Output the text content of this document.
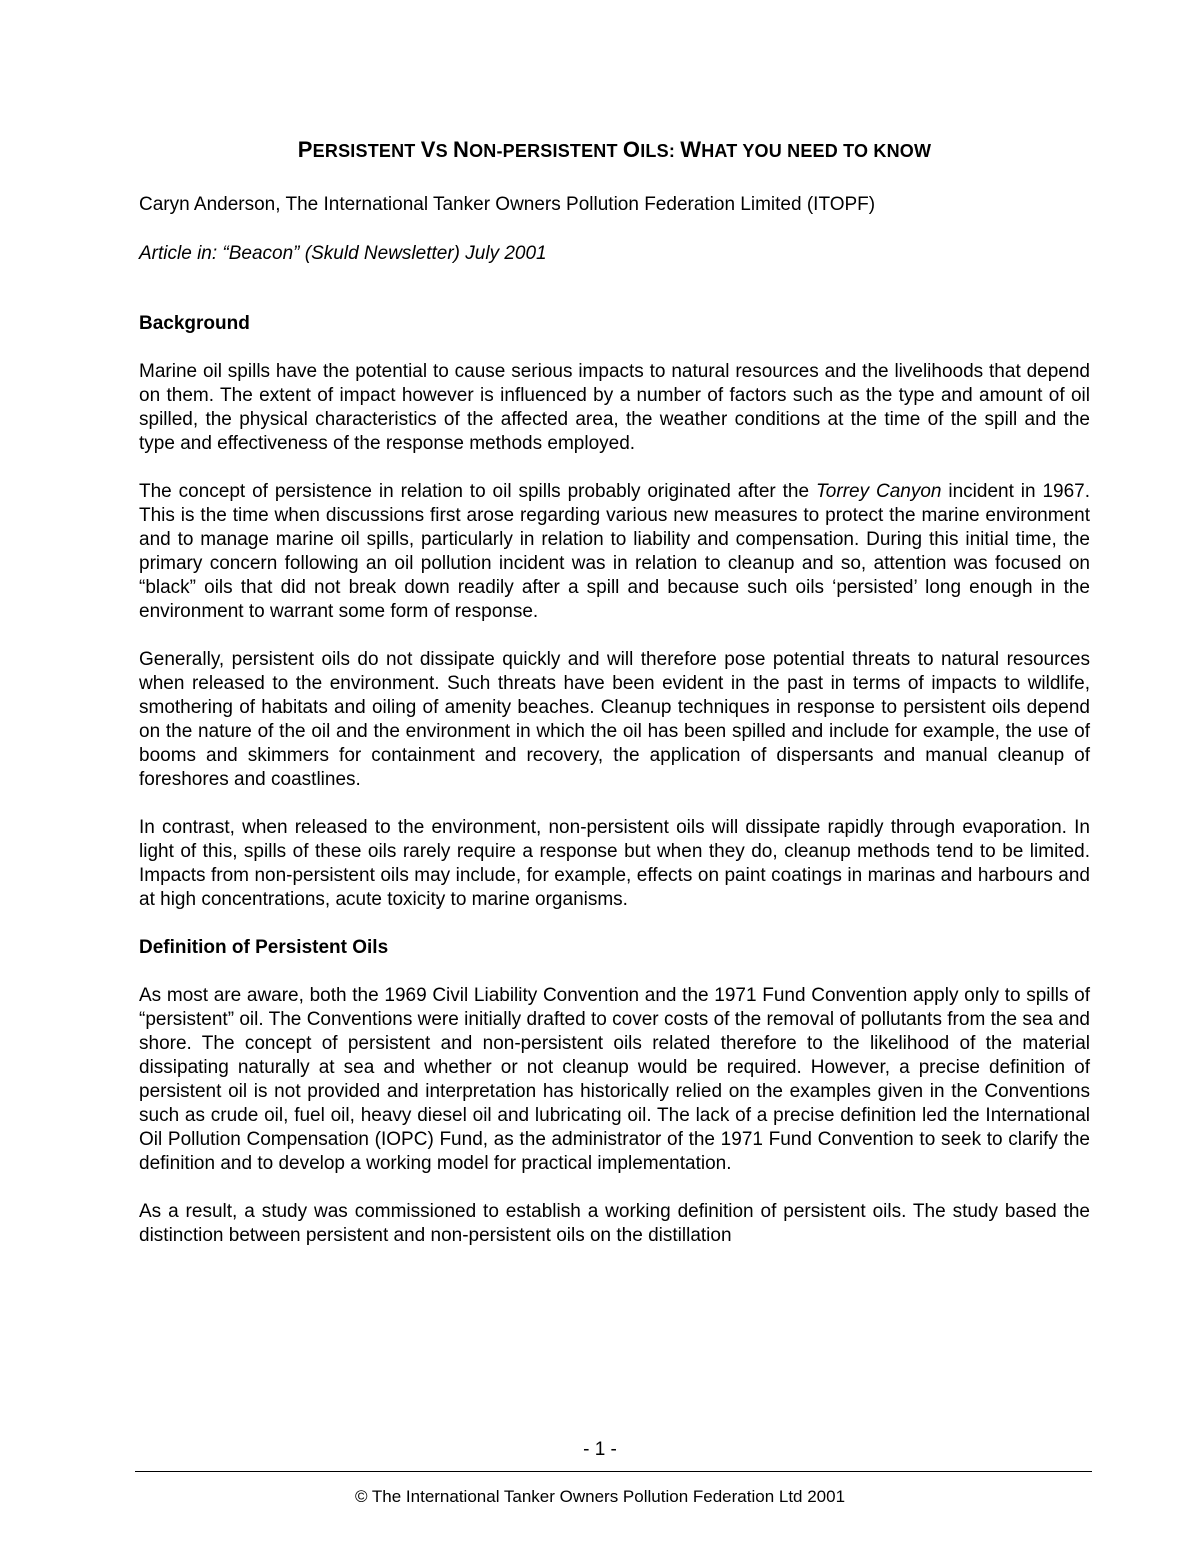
PERSISTENT VS NON-PERSISTENT OILS: WHAT YOU NEED TO KNOW
Caryn Anderson, The International Tanker Owners Pollution Federation Limited (ITOPF)
Article in: “Beacon” (Skuld Newsletter) July 2001
Background

Marine oil spills have the potential to cause serious impacts to natural resources and the livelihoods that depend on them. The extent of impact however is influenced by a number of factors such as the type and amount of oil spilled, the physical characteristics of the affected area, the weather conditions at the time of the spill and the type and effectiveness of the response methods employed.

The concept of persistence in relation to oil spills probably originated after the Torrey Canyon incident in 1967. This is the time when discussions first arose regarding various new measures to protect the marine environment and to manage marine oil spills, particularly in relation to liability and compensation. During this initial time, the primary concern following an oil pollution incident was in relation to cleanup and so, attention was focused on “black” oils that did not break down readily after a spill and because such oils ‘persisted’ long enough in the environment to warrant some form of response.

Generally, persistent oils do not dissipate quickly and will therefore pose potential threats to natural resources when released to the environment. Such threats have been evident in the past in terms of impacts to wildlife, smothering of habitats and oiling of amenity beaches. Cleanup techniques in response to persistent oils depend on the nature of the oil and the environment in which the oil has been spilled and include for example, the use of booms and skimmers for containment and recovery, the application of dispersants and manual cleanup of foreshores and coastlines.

In contrast, when released to the environment, non-persistent oils will dissipate rapidly through evaporation. In light of this, spills of these oils rarely require a response but when they do, cleanup methods tend to be limited. Impacts from non-persistent oils may include, for example, effects on paint coatings in marinas and harbours and at high concentrations, acute toxicity to marine organisms.

Definition of Persistent Oils

As most are aware, both the 1969 Civil Liability Convention and the 1971 Fund Convention apply only to spills of “persistent” oil. The Conventions were initially drafted to cover costs of the removal of pollutants from the sea and shore. The concept of persistent and non-persistent oils related therefore to the likelihood of the material dissipating naturally at sea and whether or not cleanup would be required. However, a precise definition of persistent oil is not provided and interpretation has historically relied on the examples given in the Conventions such as crude oil, fuel oil, heavy diesel oil and lubricating oil. The lack of a precise definition led the International Oil Pollution Compensation (IOPC) Fund, as the administrator of the 1971 Fund Convention to seek to clarify the definition and to develop a working model for practical implementation.

As a result, a study was commissioned to establish a working definition of persistent oils. The study based the distinction between persistent and non-persistent oils on the distillation

- 1 -
© The International Tanker Owners Pollution Federation Ltd 2001
